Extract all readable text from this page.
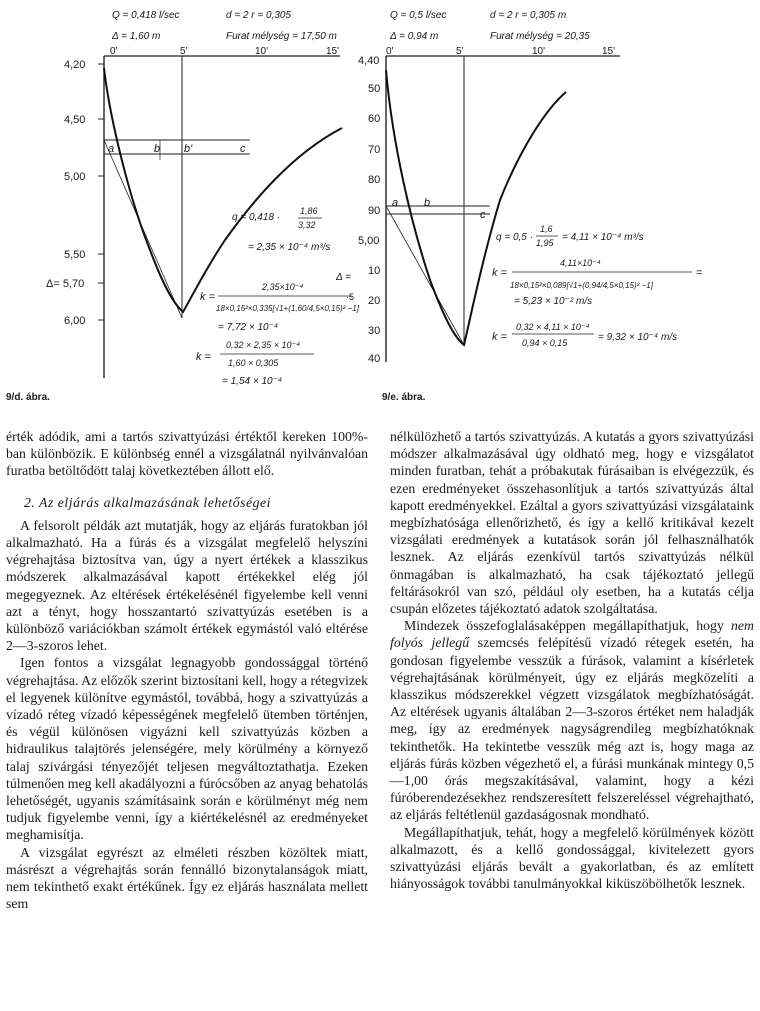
Q = 0,418 l/sec	d = 2 r = 0,305
Δ = 1,60 m	Furat mélység = 17,50 m
0'	5'	10'	15'
4,20
4,50
5,00
5,50
Δ= 5,70
6,00
a	b b'	c
q = 0,418 ·
1,86
3,32
= 2,35 × 10⁻⁴ m³/s
k =
2,35×10⁻⁴
18×0,15²×0,335[√1+(1,60/4,5×0,15)² −1]
Δ =
·5
= 7,72 × 10⁻⁴
k =
0,32 × 2,35 × 10⁻⁴
1,60 × 0,305
= 1,54 × 10⁻⁴
9/d. ábra.
Q = 0,5 l/sec	d = 2 r = 0,305 m
Δ = 0,94 m	Furat mélység = 20,35
0'	5'	10'	15'
4,40
50
60
70
80
90
5,00
10
20
30
40
a b
c
q = 0,5 ·
1,6
1,95 = 4,11 × 10⁻⁴ m³/s
k =
4,11×10⁻⁴
18×0,15²×0,089[√1+(0,94/4,5×0,15)² −1]
=
= 5,23 × 10⁻² m/s
k =
0,32 × 4,11 × 10⁻⁴
0,94 × 0,15	= 9,32 × 10⁻⁴ m/s
9/e. ábra.

érték adódik, ami a tartós szivattyúzási értéktől kereken 100%-ban különbözik. E különbség ennél a vizsgálatnál nyilvánvalóan furatba betöltődött talaj következtében állott elő.

2. Az eljárás alkalmazásának lehetőségei

A felsorolt példák azt mutatják, hogy az eljárás furatokban jól alkalmazható. Ha a fúrás és a vizsgálat megfelelő helyszíni végrehajtása biztosítva van, úgy a nyert értékek a klasszikus módszerek alkalmazásával kapott értékekkel elég jól megegyeznek. Az eltérések értékelésénél figyelembe kell venni azt a tényt, hogy hosszantartó szivattyúzás esetében is a különböző variációkban számolt értékek egymástól való eltérése 2—3-szoros lehet.

Igen fontos a vizsgálat legnagyobb gondossággal történő végrehajtása. Az előzők szerint biztosítani kell, hogy a rétegvizek el legyenek különítve egymástól, továbbá, hogy a szivattyúzás a vízadó réteg vízadó képességének megfelelő ütemben történjen, és végül különösen vigyázni kell szivattyúzás közben a hidraulikus talajtörés jelenségére, mely körülmény a környező talaj szivárgási tényezőjét teljesen megváltoztathatja. Ezeken túlmenően meg kell akadályozni a fúrócsőben az anyag behatolás lehetőségét, ugyanis számításaink során e körülményt még nem tudjuk figyelembe venni, így a kiértékelésnél az eredményeket meghamisítja.

A vizsgálat egyrészt az elméleti részben közöltek miatt, másrészt a végrehajtás során fennálló bizonytalanságok miatt, nem tekinthető exakt értékűnek. Így ez eljárás használata mellett sem

nélkülözhető a tartós szivattyúzás. A kutatás a gyors szivattyúzási módszer alkalmazásával úgy oldható meg, hogy e vizsgálatot minden furatban, tehát a próbakutak fúrásaiban is elvégezzük, és ezen eredményeket összehasonlítjuk a tartós szivattyúzás által kapott eredményekkel. Ezáltal a gyors szivattyúzási vizsgálataink megbízhatósága ellenőrizhető, és így a kellő kritikával kezelt vizsgálati eredmények a kutatások során jól felhasználhatók lesznek. Az eljárás ezenkívül tartós szivattyúzás nélkül önmagában is alkalmazható, ha csak tájékoztató jellegű feltárásokról van szó, például oly esetben, ha a kutatás célja csupán előzetes tájékoztató adatok szolgáltatása.

Mindezek összefoglalásaképpen megállapíthatjuk, hogy nem folyós jellegű szemcsés felépítésű vízadó rétegek esetén, ha gondosan figyelembe vesszük a fúrások, valamint a kísérletek végrehajtásának körülményeit, úgy ez eljárás megközelíti a klasszikus módszerekkel végzett vizsgálatok megbízhatóságát. Az eltérések ugyanis általában 2—3-szoros értéket nem haladják meg, így az eredmények nagyságrendileg megbízhatóknak tekinthetők. Ha tekintetbe vesszük még azt is, hogy maga az eljárás fúrás közben végezhető el, a fúrási munkának mintegy 0,5—1,00 órás megszakításával, valamint, hogy a kézi fúróberendezésekhez rendszeresített felszereléssel végrehajtható, az eljárás feltétlenül gazdaságosnak mondható.

Megállapíthatjuk, tehát, hogy a megfelelő körülmények között alkalmazott, és a kellő gondossággal, kivitelezett gyors szivattyúzási eljárás bevált a gyakorlatban, és az említett hiányosságok további tanulmányokkal kiküszöbölhetők lesznek.
